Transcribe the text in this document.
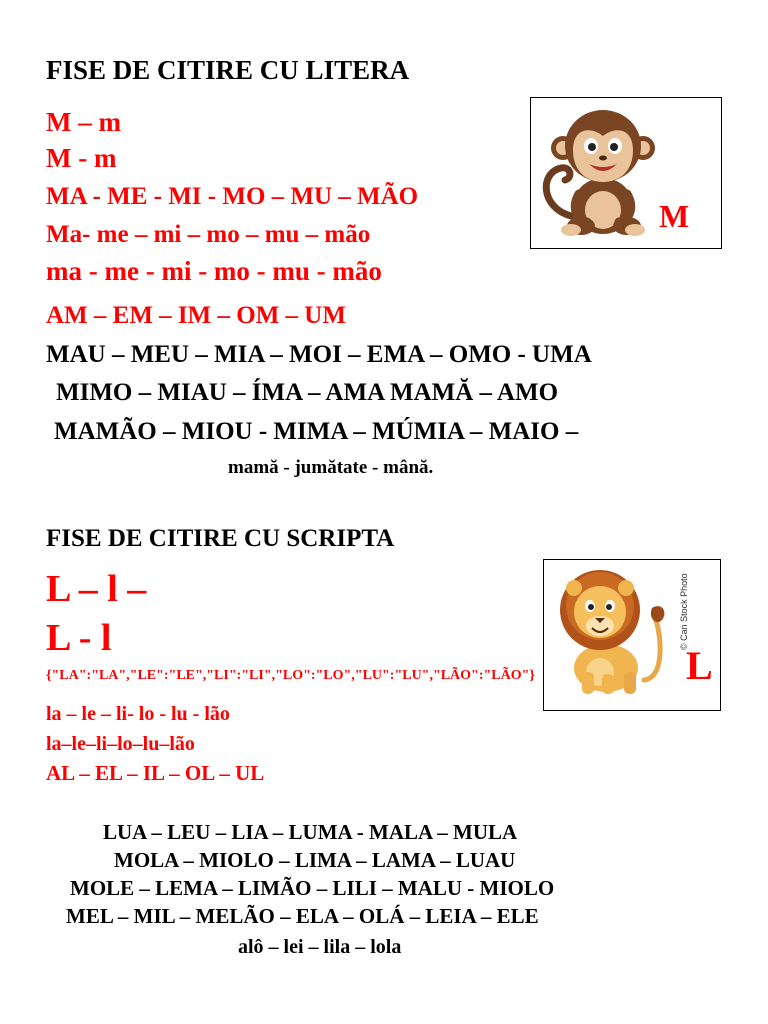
FISE DE CITIRE CU LITERA
M – m
M - m
MA - ME - MI - MO – MU – MÃO
Ma- me – mi – mo – mu – mão
ma - me - mi - mo - mu - mão
AM – EM – IM – OM – UM
MAU – MEU – MIA – MOI – EMA – OMO - UMA
MIMO – MIAU – ÍMA – AMA MAMĂ – AMO
MAMÃO – MIOU - MIMA – MÚMIA – MAIO –
mamă - jumătate - mână.
M
FISE DE CITIRE CU SCRIPTA
L – l –
L - l
{"LA":"LA","LE":"LE","LI":"LI","LO":"LO","LU":"LU","LÃO":"LÃO"}
la – le – li- lo - lu - lão
la–le–li–lo–lu–lão
AL – EL – IL – OL – UL
LUA – LEU – LIA – LUMA - MALA – MULA
MOLA – MIOLO – LIMA – LAMA – LUAU
MOLE – LEMA – LIMÃO – LILI – MALU - MIOLO
MEL – MIL – MELÃO – ELA – OLÁ – LEIA – ELE
alô – lei – lila – lola
© Can Stock Photo
L
